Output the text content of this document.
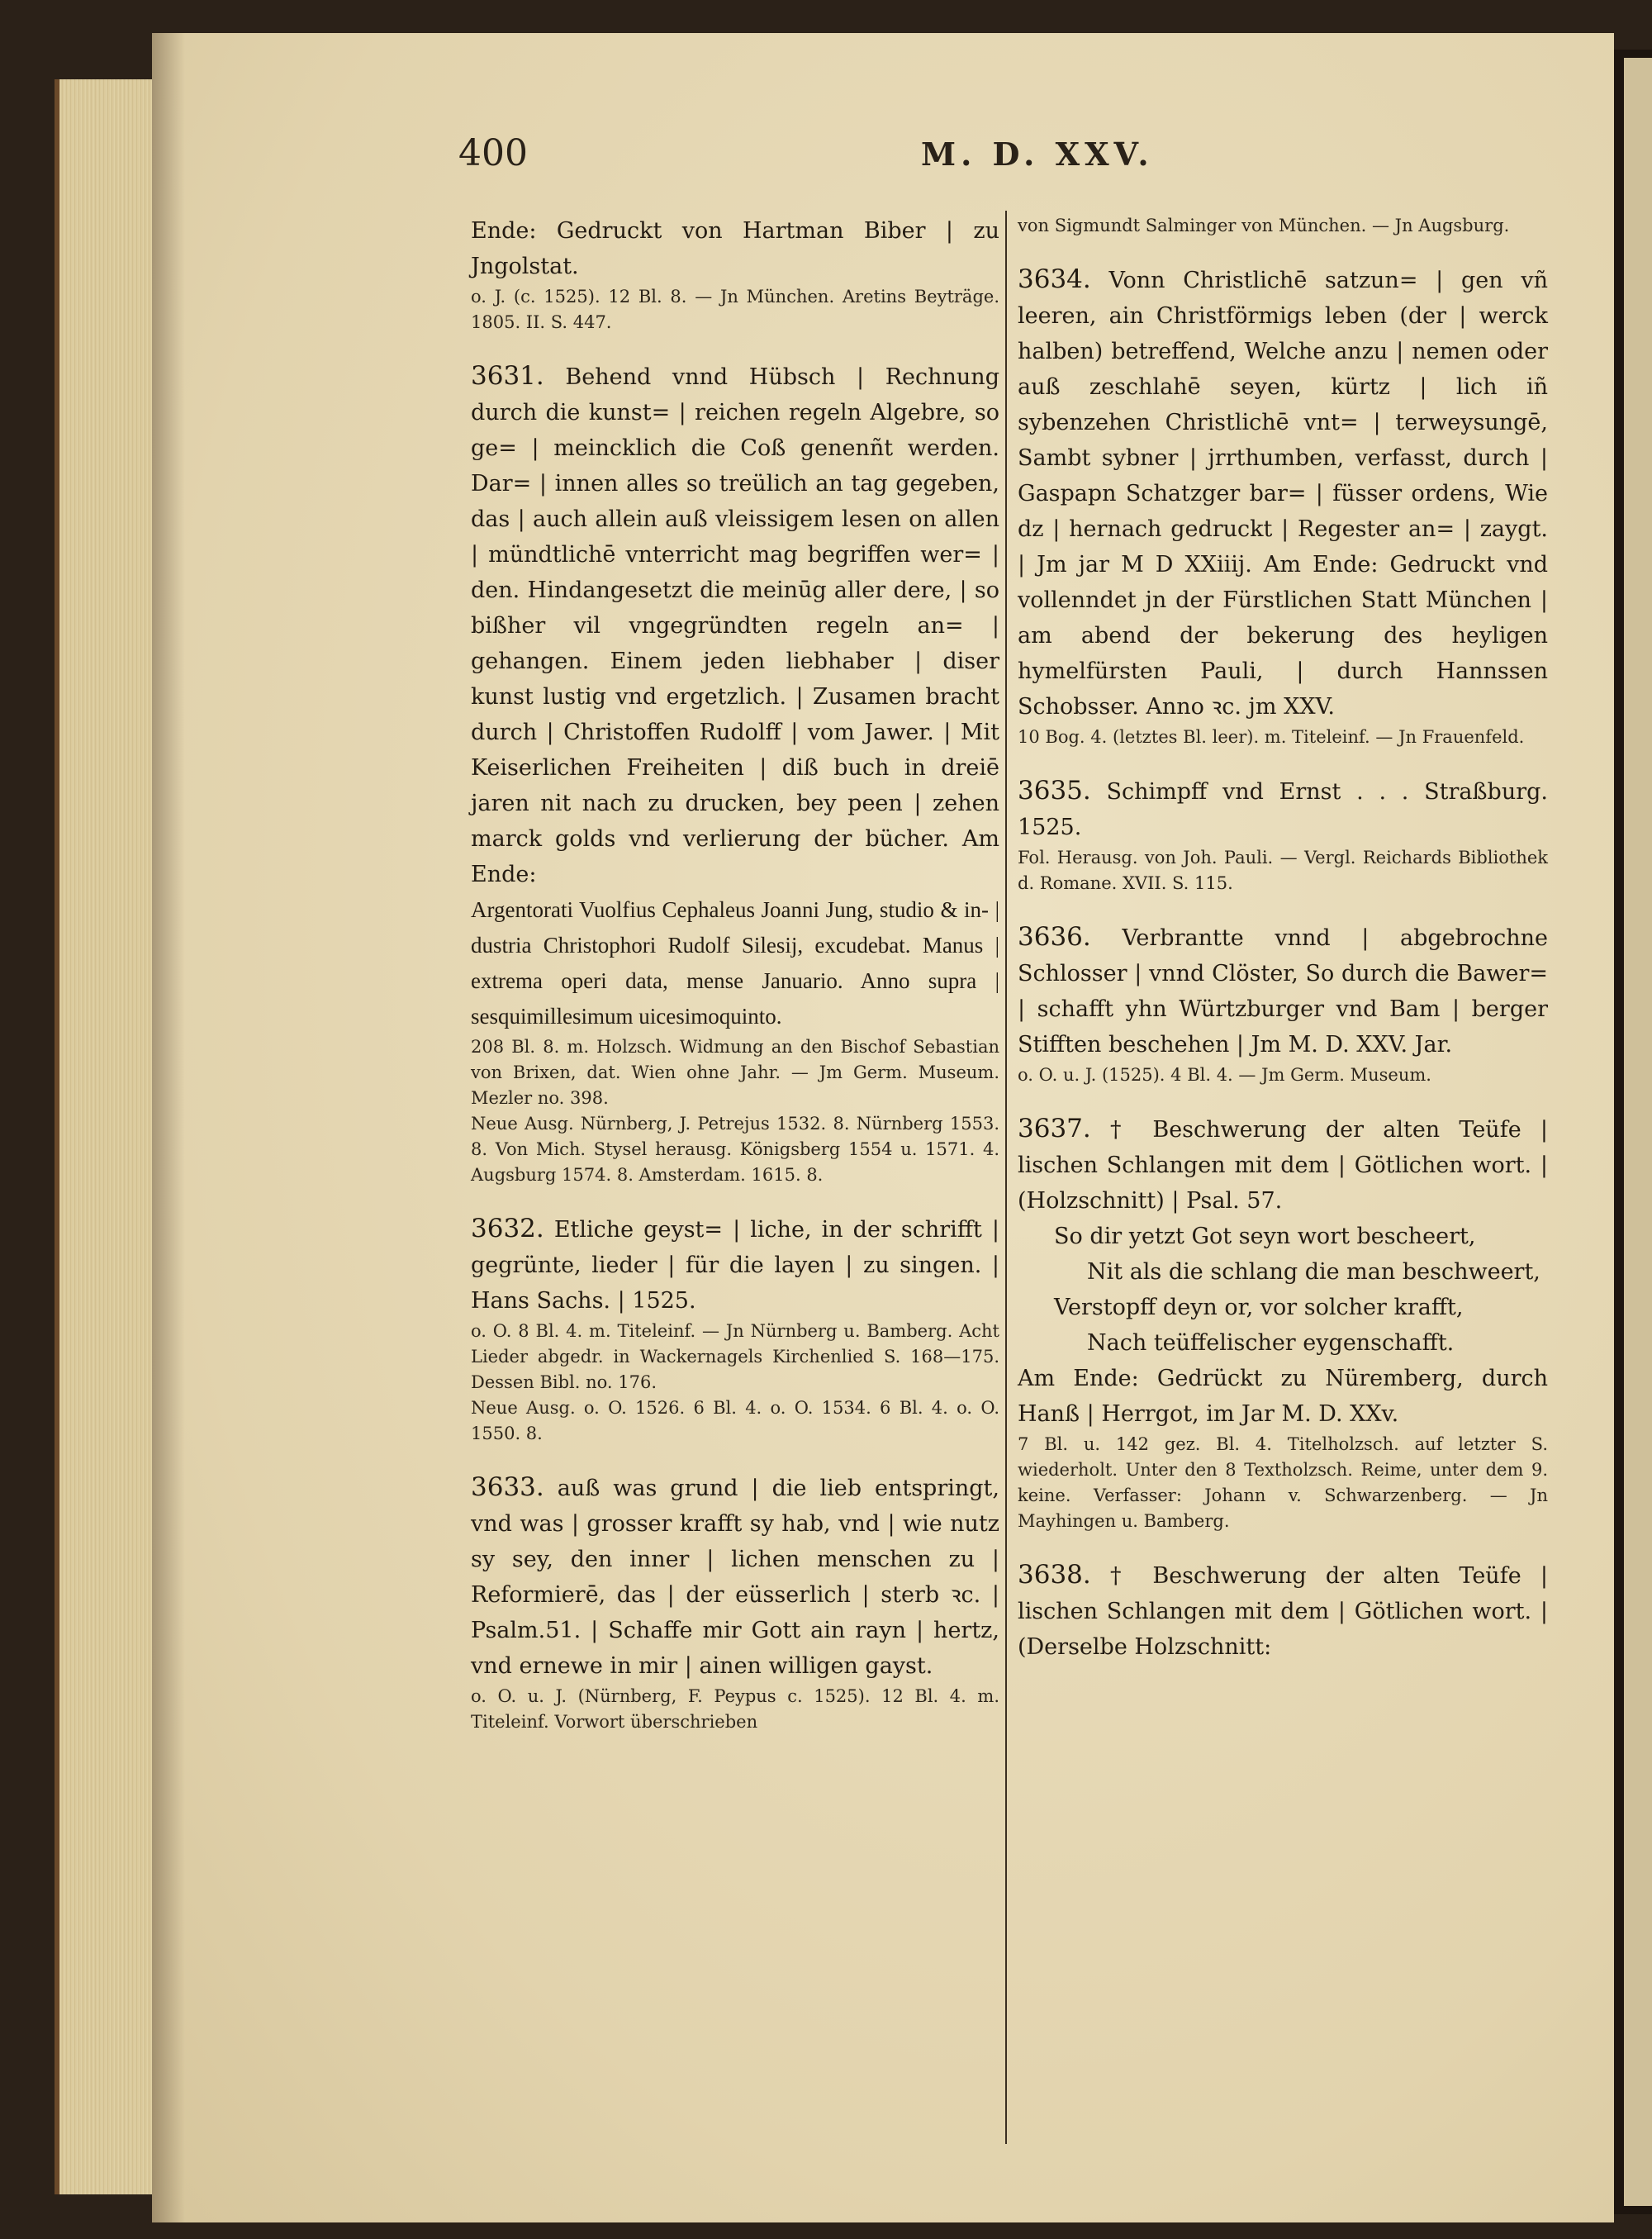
400	M. D. XXV.

Ende: Gedruckt von Hartman Biber | zu Jngolstat.

o. J. (c. 1525). 12 Bl. 8. — Jn München. Aretins Beyträge. 1805. II. S. 447.

3631. Behend vnnd Hübsch | Rechnung durch die kunst= | reichen regeln Algebre, so ge= | meincklich die Coß genenñt werden. Dar= | innen alles so treülich an tag gegeben, das | auch allein auß vleissigem lesen on allen | mündtlichē vnterricht mag begriffen wer= | den. Hindangesetzt die meinūg aller dere, | so bißher vil vngegründten regeln an= | gehangen. Einem jeden liebhaber | diser kunst lustig vnd ergetzlich. | Zusamen bracht durch | Christoffen Rudolff | vom Jawer. | Mit Keiserlichen Freiheiten | diß buch in dreiē jaren nit nach zu drucken, bey peen | zehen marck golds vnd verlierung der bücher. Am Ende:

Argentorati Vuolfius Cephaleus Joanni Jung, studio & in- | dustria Christophori Rudolf Silesij, excudebat. Manus | extrema operi data, mense Januario. Anno supra | sesquimillesimum uicesimoquinto.

208 Bl. 8. m. Holzsch. Widmung an den Bischof Sebastian von Brixen, dat. Wien ohne Jahr. — Jm Germ. Museum. Mezler no. 398.

Neue Ausg. Nürnberg, J. Petrejus 1532. 8. Nürnberg 1553. 8. Von Mich. Stysel herausg. Königsberg 1554 u. 1571. 4. Augsburg 1574. 8. Amsterdam. 1615. 8.

3632. Etliche geyst= | liche, in der schrifft | gegrünte, lieder | für die layen | zu singen. | Hans Sachs. | 1525.

o. O. 8 Bl. 4. m. Titeleinf. — Jn Nürnberg u. Bamberg. Acht Lieder abgedr. in Wackernagels Kirchenlied S. 168—175. Dessen Bibl. no. 176.

Neue Ausg. o. O. 1526. 6 Bl. 4. o. O. 1534. 6 Bl. 4. o. O. 1550. 8.

3633. auß was grund | die lieb entspringt, vnd was | grosser krafft sy hab, vnd | wie nutz sy sey, den inner | lichen menschen zu | Reformierē, das | der eüsserlich | sterb ꝛc. | Psalm.51. | Schaffe mir Gott ain rayn | hertz, vnd ernewe in mir | ainen willigen gayst.

o. O. u. J. (Nürnberg, F. Peypus c. 1525). 12 Bl. 4. m. Titeleinf. Vorwort überschrieben

von Sigmundt Salminger von München. — Jn Augsburg.

3634. Vonn Christlichē satzun= | gen vñ leeren, ain Christförmigs leben (der | werck halben) betreffend, Welche anzu | nemen oder auß zeschlahē seyen, kürtz | lich iñ sybenzehen Christlichē vnt= | terweysungē, Sambt sybner | jrrthumben, verfasst, durch | Gaspарn Schatzger bar= | füsser ordens, Wie dz | hernach gedruckt | Regester an= | zaygt. | Jm jar M D XXiiij. Am Ende: Gedruckt vnd vollenndet jn der Fürstlichen Statt München | am abend der bekerung des heyligen hymelfürsten Pauli, | durch Hannssen Schobsser. Anno ꝛc. jm XXV.

10 Bog. 4. (letztes Bl. leer). m. Titeleinf. — Jn Frauenfeld.

3635. Schimpff vnd Ernst . . . Straßburg. 1525.

Fol. Herausg. von Joh. Pauli. — Vergl. Reichards Bibliothek d. Romane. XVII. S. 115.

3636. Verbrantte vnnd | abgebrochne Schlosser | vnnd Clöster, So durch die Bawer= | schafft yhn Würtzburger vnd Bam | berger Stifften beschehen | Jm M. D. XXV. Jar.

o. O. u. J. (1525). 4 Bl. 4. — Jm Germ. Museum.

3637. † Beschwerung der alten Teüfe | lischen Schlangen mit dem | Götlichen wort. | (Holzschnitt) | Psal. 57.

So dir yetzt Got seyn wort bescheert,

Nit als die schlang die man beschweert,

Verstopff deyn or, vor solcher krafft,

Nach teüffelischer eygenschafft.

Am Ende: Gedrückt zu Nüremberg, durch Hanß | Herrgot, im Jar M. D. XXv.

7 Bl. u. 142 gez. Bl. 4. Titelholzsch. auf letzter S. wiederholt. Unter den 8 Textholzsch. Reime, unter dem 9. keine. Verfasser: Johann v. Schwarzenberg. — Jn Mayhingen u. Bamberg.

3638. † Beschwerung der alten Teüfe | lischen Schlangen mit dem | Götlichen wort. | (Derselbe Holzschnitt:
